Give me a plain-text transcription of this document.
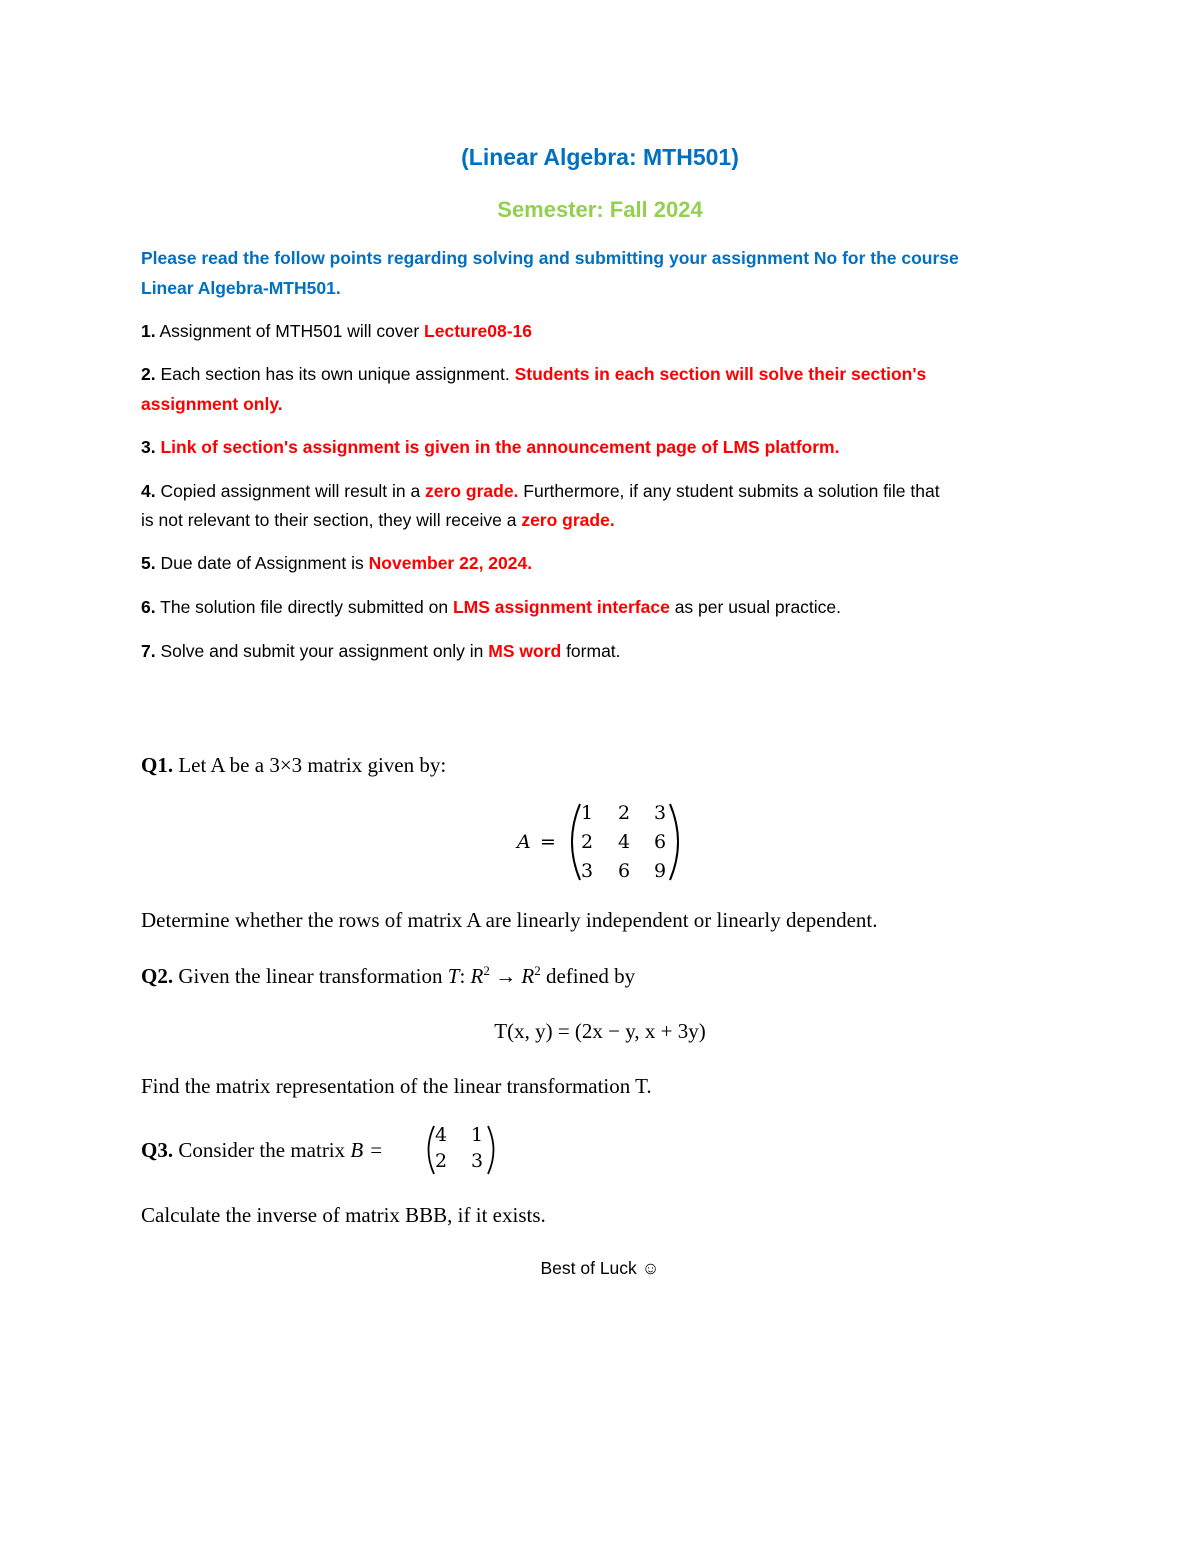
(Linear Algebra: MTH501)
Semester: Fall 2024
Please read the follow points regarding solving and submitting your assignment No for the course
Linear Algebra-MTH501.
1. Assignment of MTH501 will cover Lecture08-16
2. Each section has its own unique assignment. Students in each section will solve their section's
assignment only.
3. Link of section's assignment is given in the announcement page of LMS platform.
4. Copied assignment will result in a zero grade. Furthermore, if any student submits a solution file that
is not relevant to their section, they will receive a zero grade.
5. Due date of Assignment is November 22, 2024.
6. The solution file directly submitted on LMS assignment interface as per usual practice.
7. Solve and submit your assignment only in MS word format.
Q1. Let A be a 3×3 matrix given by:
A =
1	2	3
2	4	6
3	6	9
Determine whether the rows of matrix A are linearly independent or linearly dependent.
Q2. Given the linear transformation T: $R^2 \to R^2$ defined by
T(x, y) = (2x − y, x + 3y)
Find the matrix representation of the linear transformation T.
Q3. Consider the matrix B =
4	1
2	3
Calculate the inverse of matrix BBB, if it exists.
Best of Luck ☺
